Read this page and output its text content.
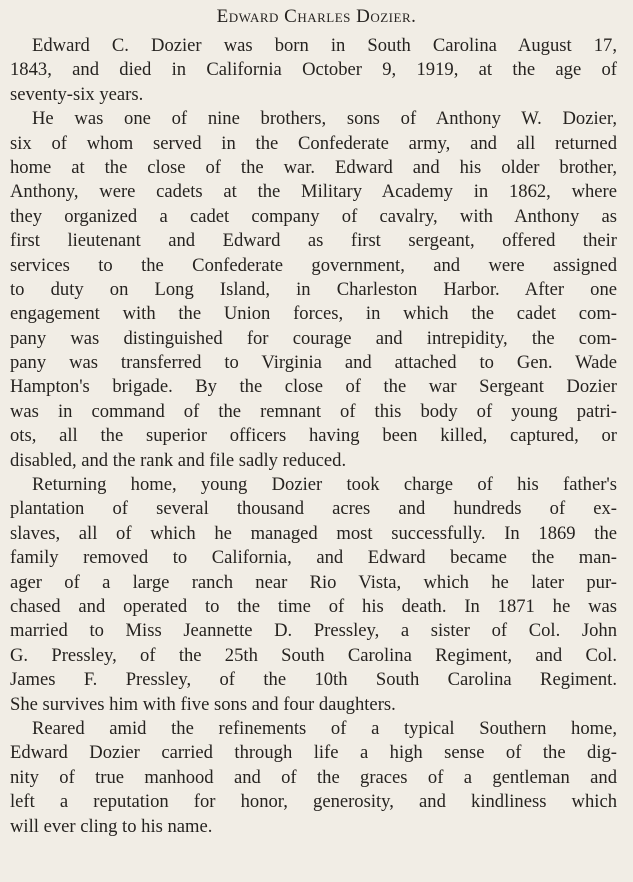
Edward Charles Dozier.
Edward C. Dozier was born in South Carolina August 17,
1843, and died in California October 9, 1919, at the age of
seventy-six years.
He was one of nine brothers, sons of Anthony W. Dozier,
six of whom served in the Confederate army, and all returned
home at the close of the war. Edward and his older brother,
Anthony, were cadets at the Military Academy in 1862, where
they organized a cadet company of cavalry, with Anthony as
first lieutenant and Edward as first sergeant, offered their
services to the Confederate government, and were assigned
to duty on Long Island, in Charleston Harbor. After one
engagement with the Union forces, in which the cadet com-
pany was distinguished for courage and intrepidity, the com-
pany was transferred to Virginia and attached to Gen. Wade
Hampton's brigade. By the close of the war Sergeant Dozier
was in command of the remnant of this body of young patri-
ots, all the superior officers having been killed, captured, or
disabled, and the rank and file sadly reduced.
Returning home, young Dozier took charge of his father's
plantation of several thousand acres and hundreds of ex-
slaves, all of which he managed most successfully. In 1869 the
family removed to California, and Edward became the man-
ager of a large ranch near Rio Vista, which he later pur-
chased and operated to the time of his death. In 1871 he was
married to Miss Jeannette D. Pressley, a sister of Col. John
G. Pressley, of the 25th South Carolina Regiment, and Col.
James F. Pressley, of the 10th South Carolina Regiment.
She survives him with five sons and four daughters.
Reared amid the refinements of a typical Southern home,
Edward Dozier carried through life a high sense of the dig-
nity of true manhood and of the graces of a gentleman and
left a reputation for honor, generosity, and kindliness which
will ever cling to his name.
